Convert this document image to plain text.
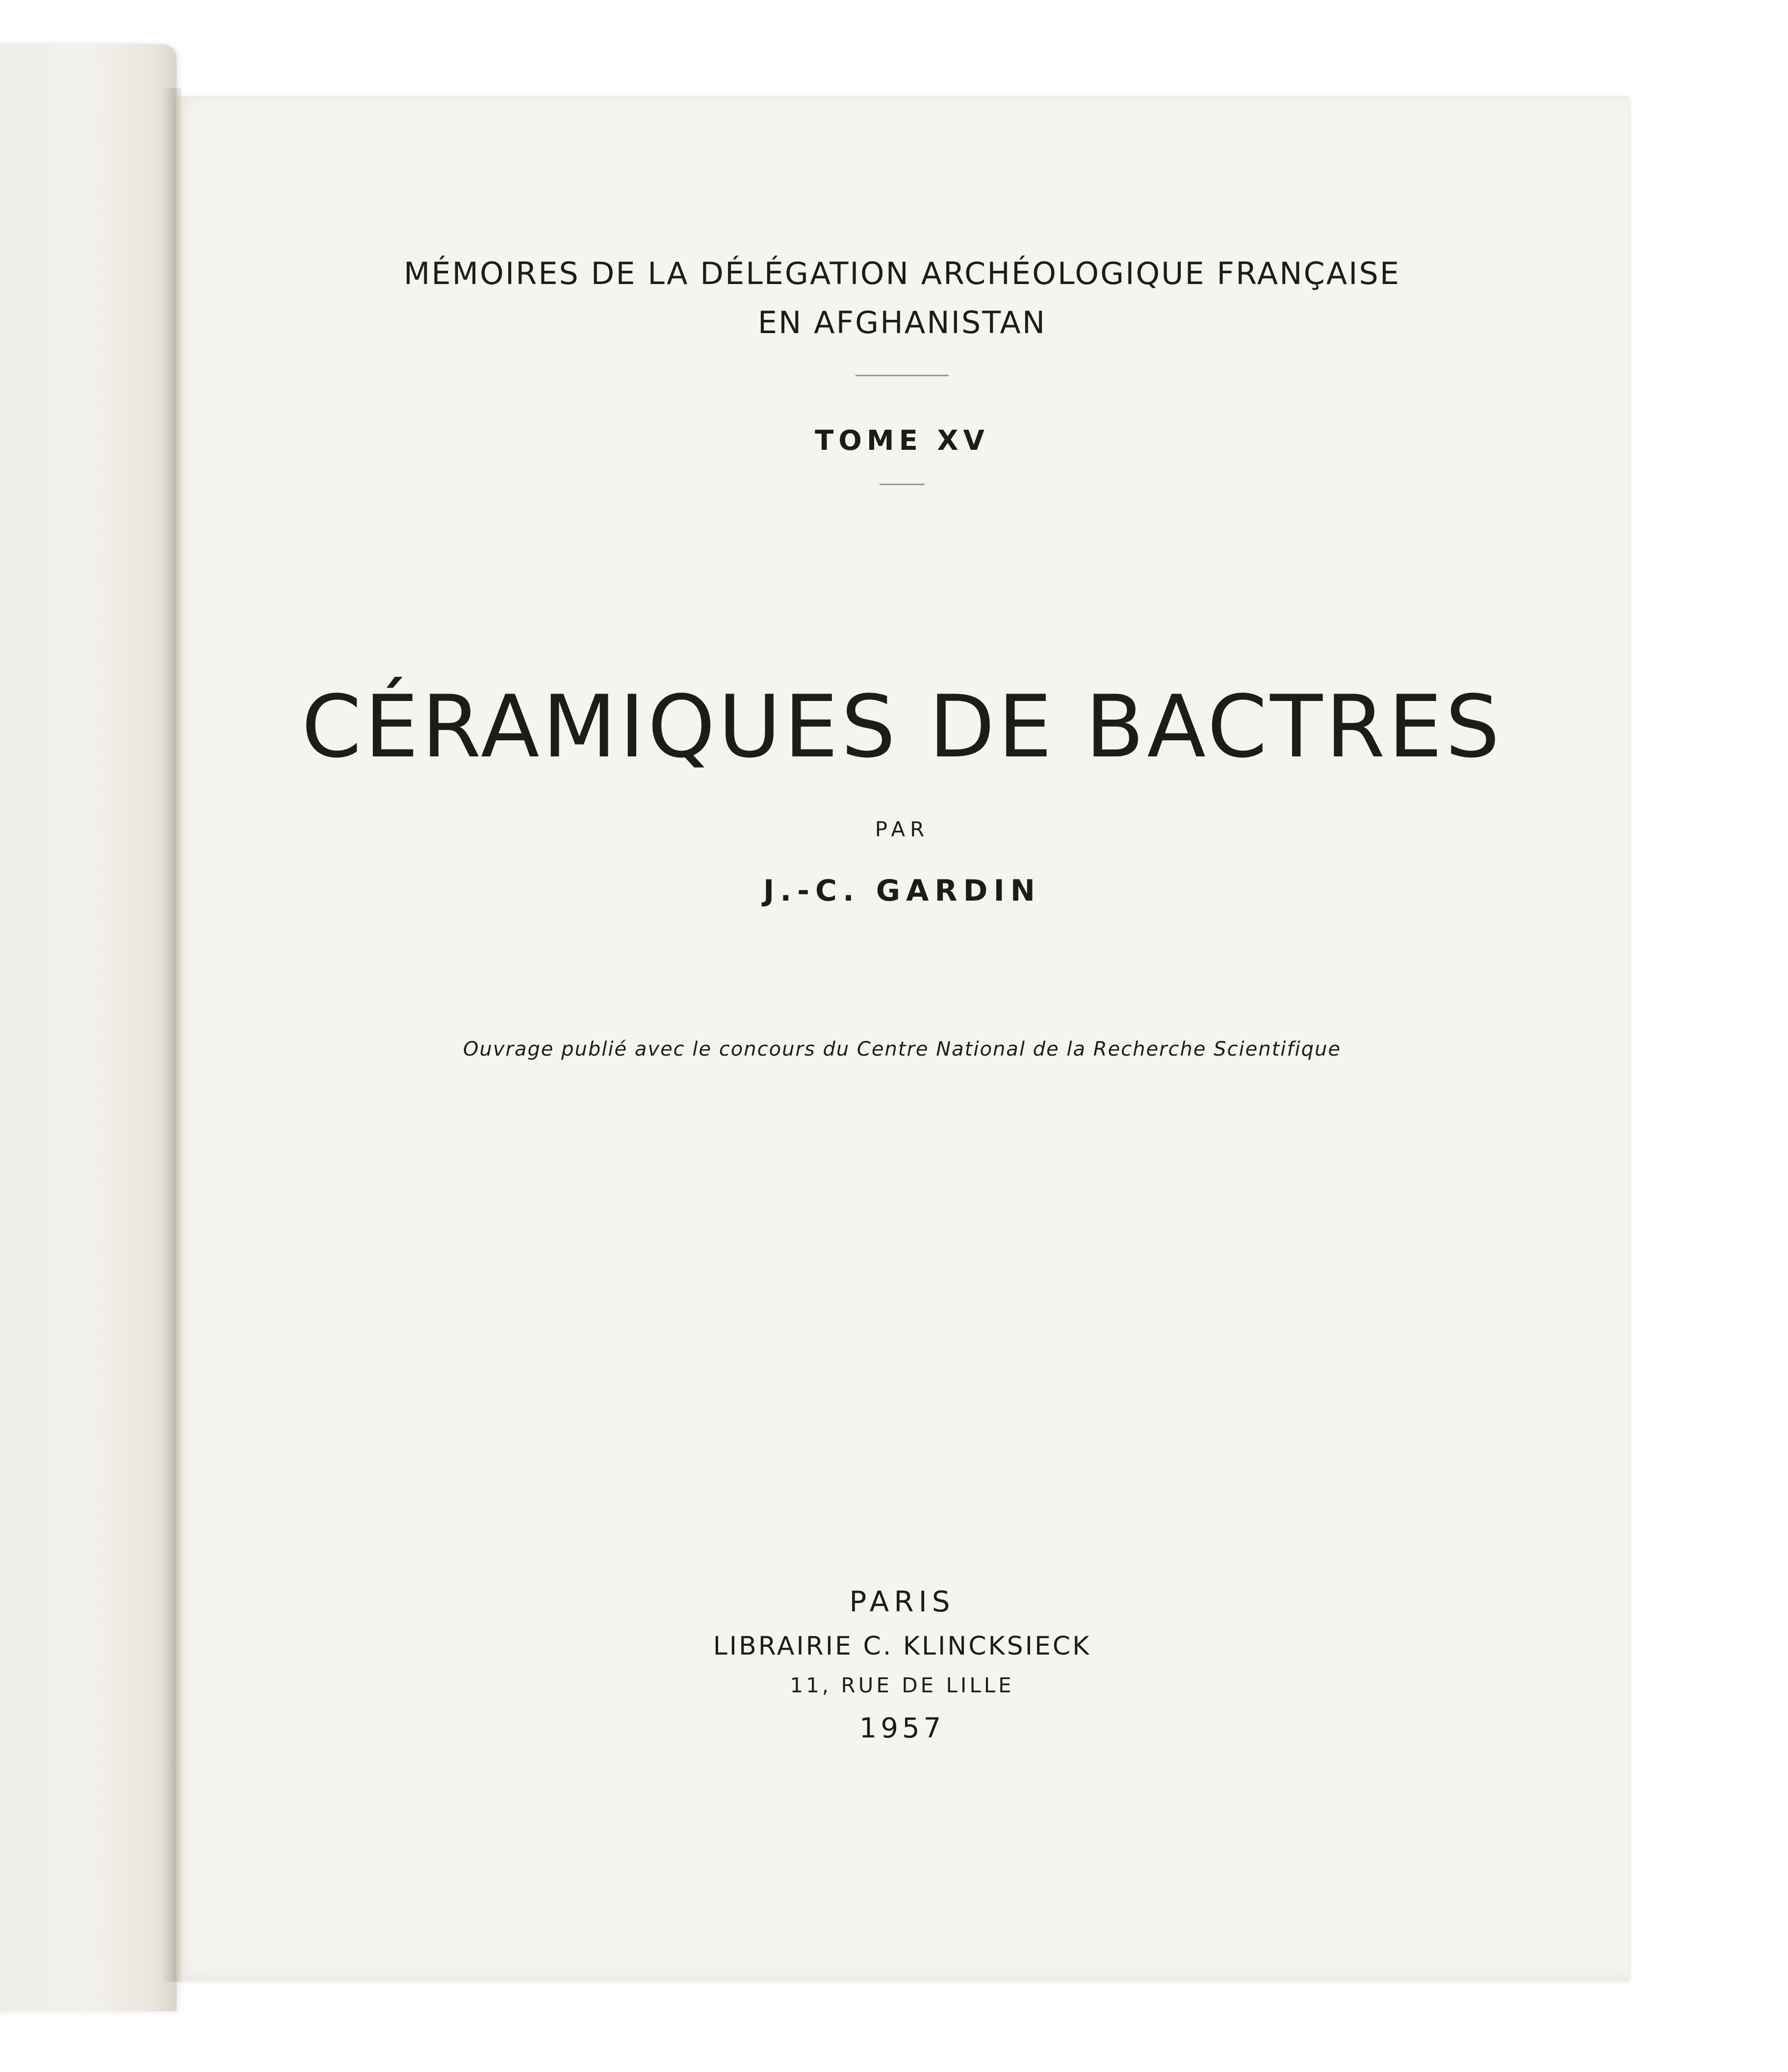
MÉMOIRES DE LA DÉLÉGATION ARCHÉOLOGIQUE FRANÇAISE
EN AFGHANISTAN
TOME XV
CÉRAMIQUES DE BACTRES
PAR
J.-C. GARDIN
Ouvrage publié avec le concours du Centre National de la Recherche Scientifique
PARIS
LIBRAIRIE C. KLINCKSIECK
11, RUE DE LILLE
1957
